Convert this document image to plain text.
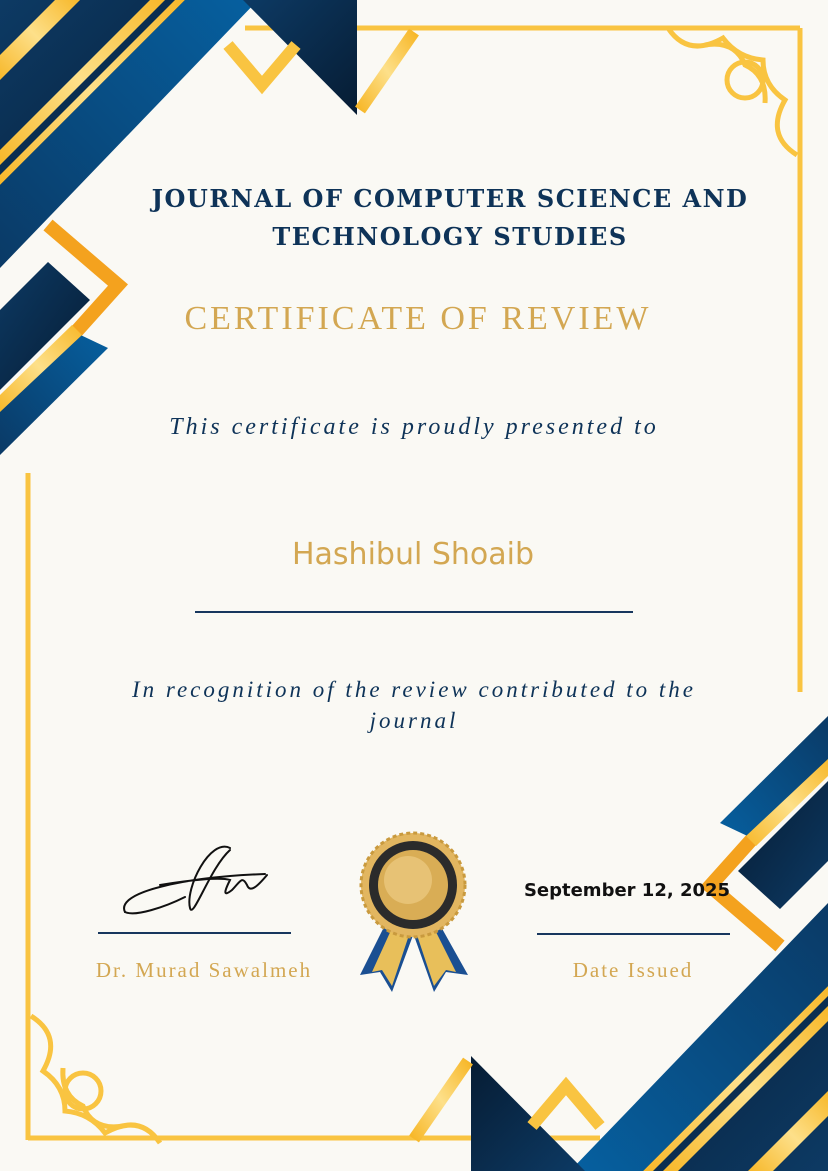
JOURNAL OF COMPUTER SCIENCE AND
TECHNOLOGY STUDIES
CERTIFICATE OF REVIEW
This certificate is proudly presented to
Hashibul Shoaib
In recognition of the review contributed to the journal
Dr. Murad Sawalmeh
September 12, 2025
Date Issued
